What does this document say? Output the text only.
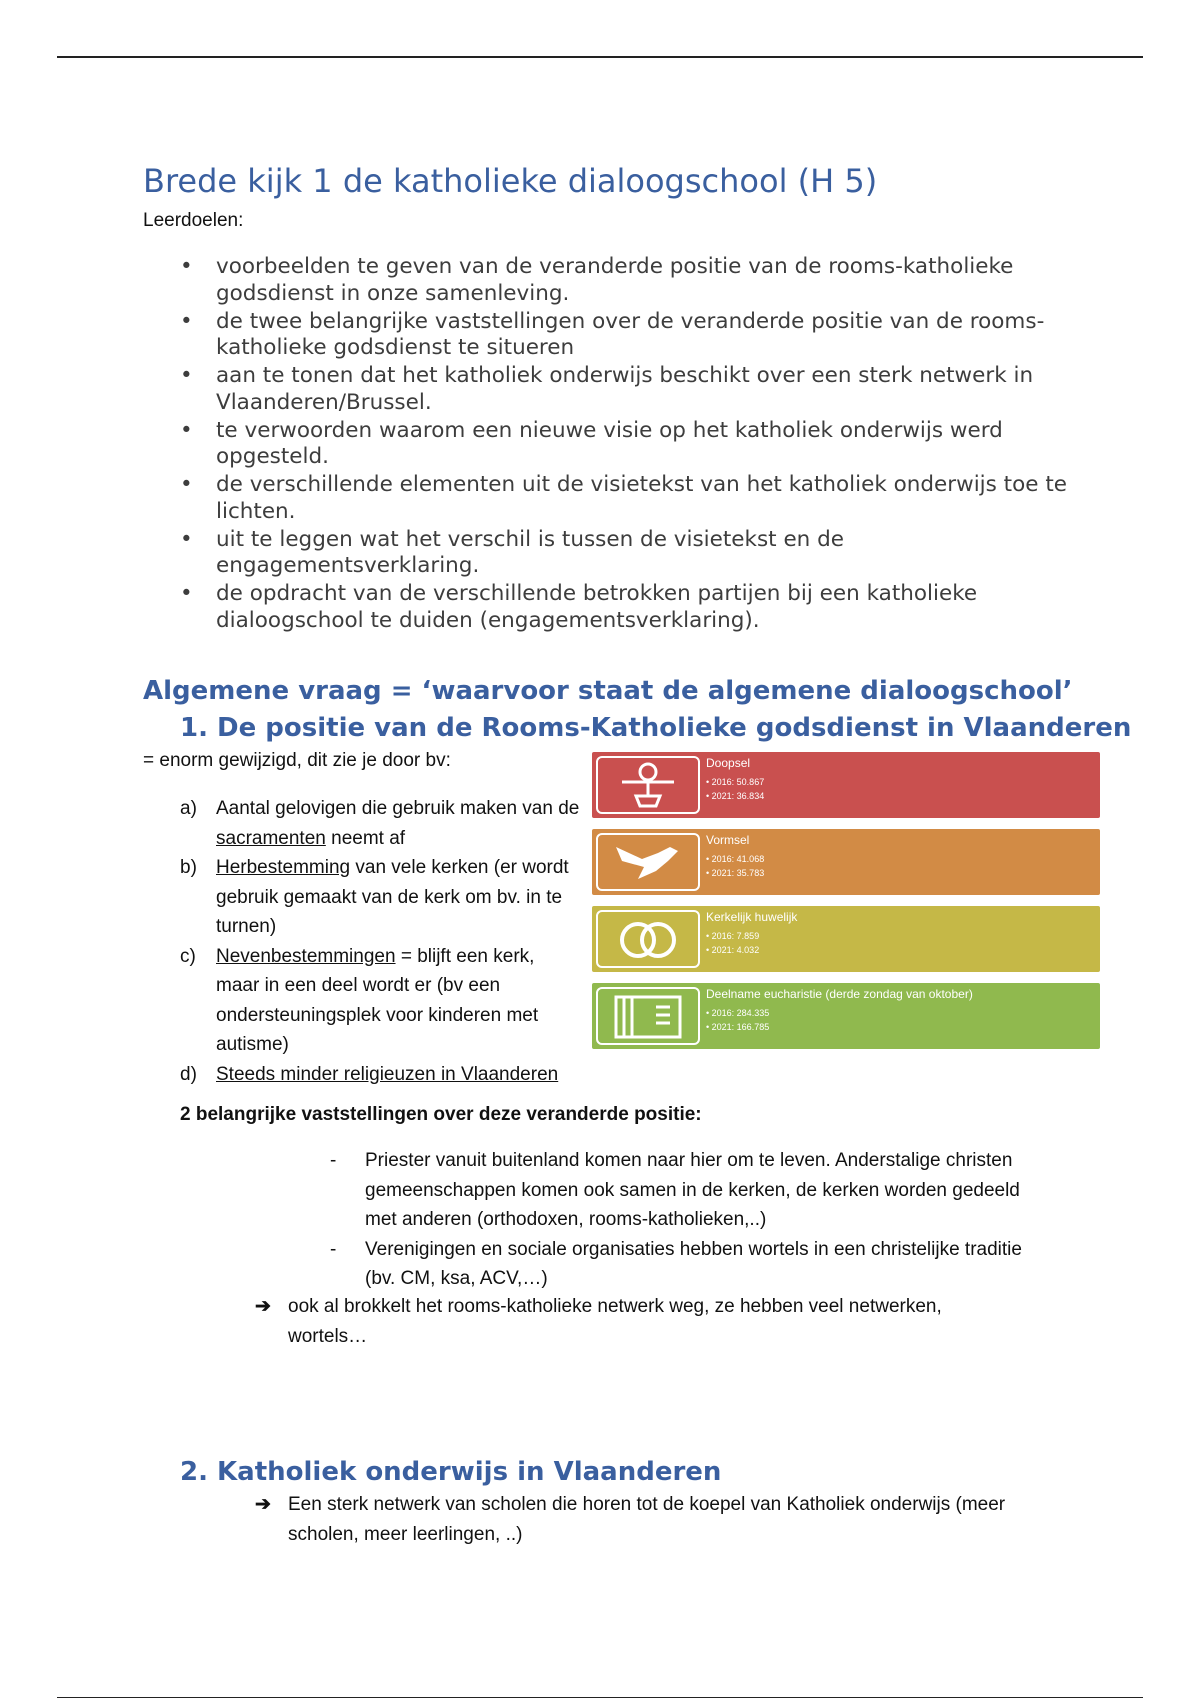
Brede kijk 1 de katholieke dialoogschool (H 5)
Leerdoelen:
• voorbeelden te geven van de veranderde positie van de rooms-katholieke godsdienst in onze samenleving.
• de twee belangrijke vaststellingen over de veranderde positie van de rooms-katholieke godsdienst te situeren
• aan te tonen dat het katholiek onderwijs beschikt over een sterk netwerk in Vlaanderen/Brussel.
• te verwoorden waarom een nieuwe visie op het katholiek onderwijs werd opgesteld.
• de verschillende elementen uit de visietekst van het katholiek onderwijs toe te lichten.
• uit te leggen wat het verschil is tussen de visietekst en de engagementsverklaring.
• de opdracht van de verschillende betrokken partijen bij een katholieke dialoogschool te duiden (engagementsverklaring).
Algemene vraag = ‘waarvoor staat de algemene dialoogschool’
1. De positie van de Rooms-Katholieke godsdienst in Vlaanderen
= enorm gewijzigd, dit zie je door bv:
a) Aantal gelovigen die gebruik maken van de sacramenten neemt af
b) Herbestemming van vele kerken (er wordt gebruik gemaakt van de kerk om bv. in te turnen)
c) Nevenbestemmingen = blijft een kerk, maar in een deel wordt er (bv een ondersteuningsplek voor kinderen met autisme)
d) Steeds minder religieuzen in Vlaanderen
Doopsel
• 2016: 50.867
• 2021: 36.834
Vormsel
• 2016: 41.068
• 2021: 35.783
Kerkelijk huwelijk
• 2016: 7.859
• 2021: 4.032
Deelname eucharistie (derde zondag van oktober)
• 2016: 284.335
• 2021: 166.785
2 belangrijke vaststellingen over deze veranderde positie:
- Priester vanuit buitenland komen naar hier om te leven. Anderstalige christen gemeenschappen komen ook samen in de kerken, de kerken worden gedeeld met anderen (orthodoxen, rooms-katholieken,..)
- Verenigingen en sociale organisaties hebben wortels in een christelijke traditie (bv. CM, ksa, ACV,…)
➔ ook al brokkelt het rooms-katholieke netwerk weg, ze hebben veel netwerken, wortels…
2. Katholiek onderwijs in Vlaanderen
➔ Een sterk netwerk van scholen die horen tot de koepel van Katholiek onderwijs (meer scholen, meer leerlingen, ..)
